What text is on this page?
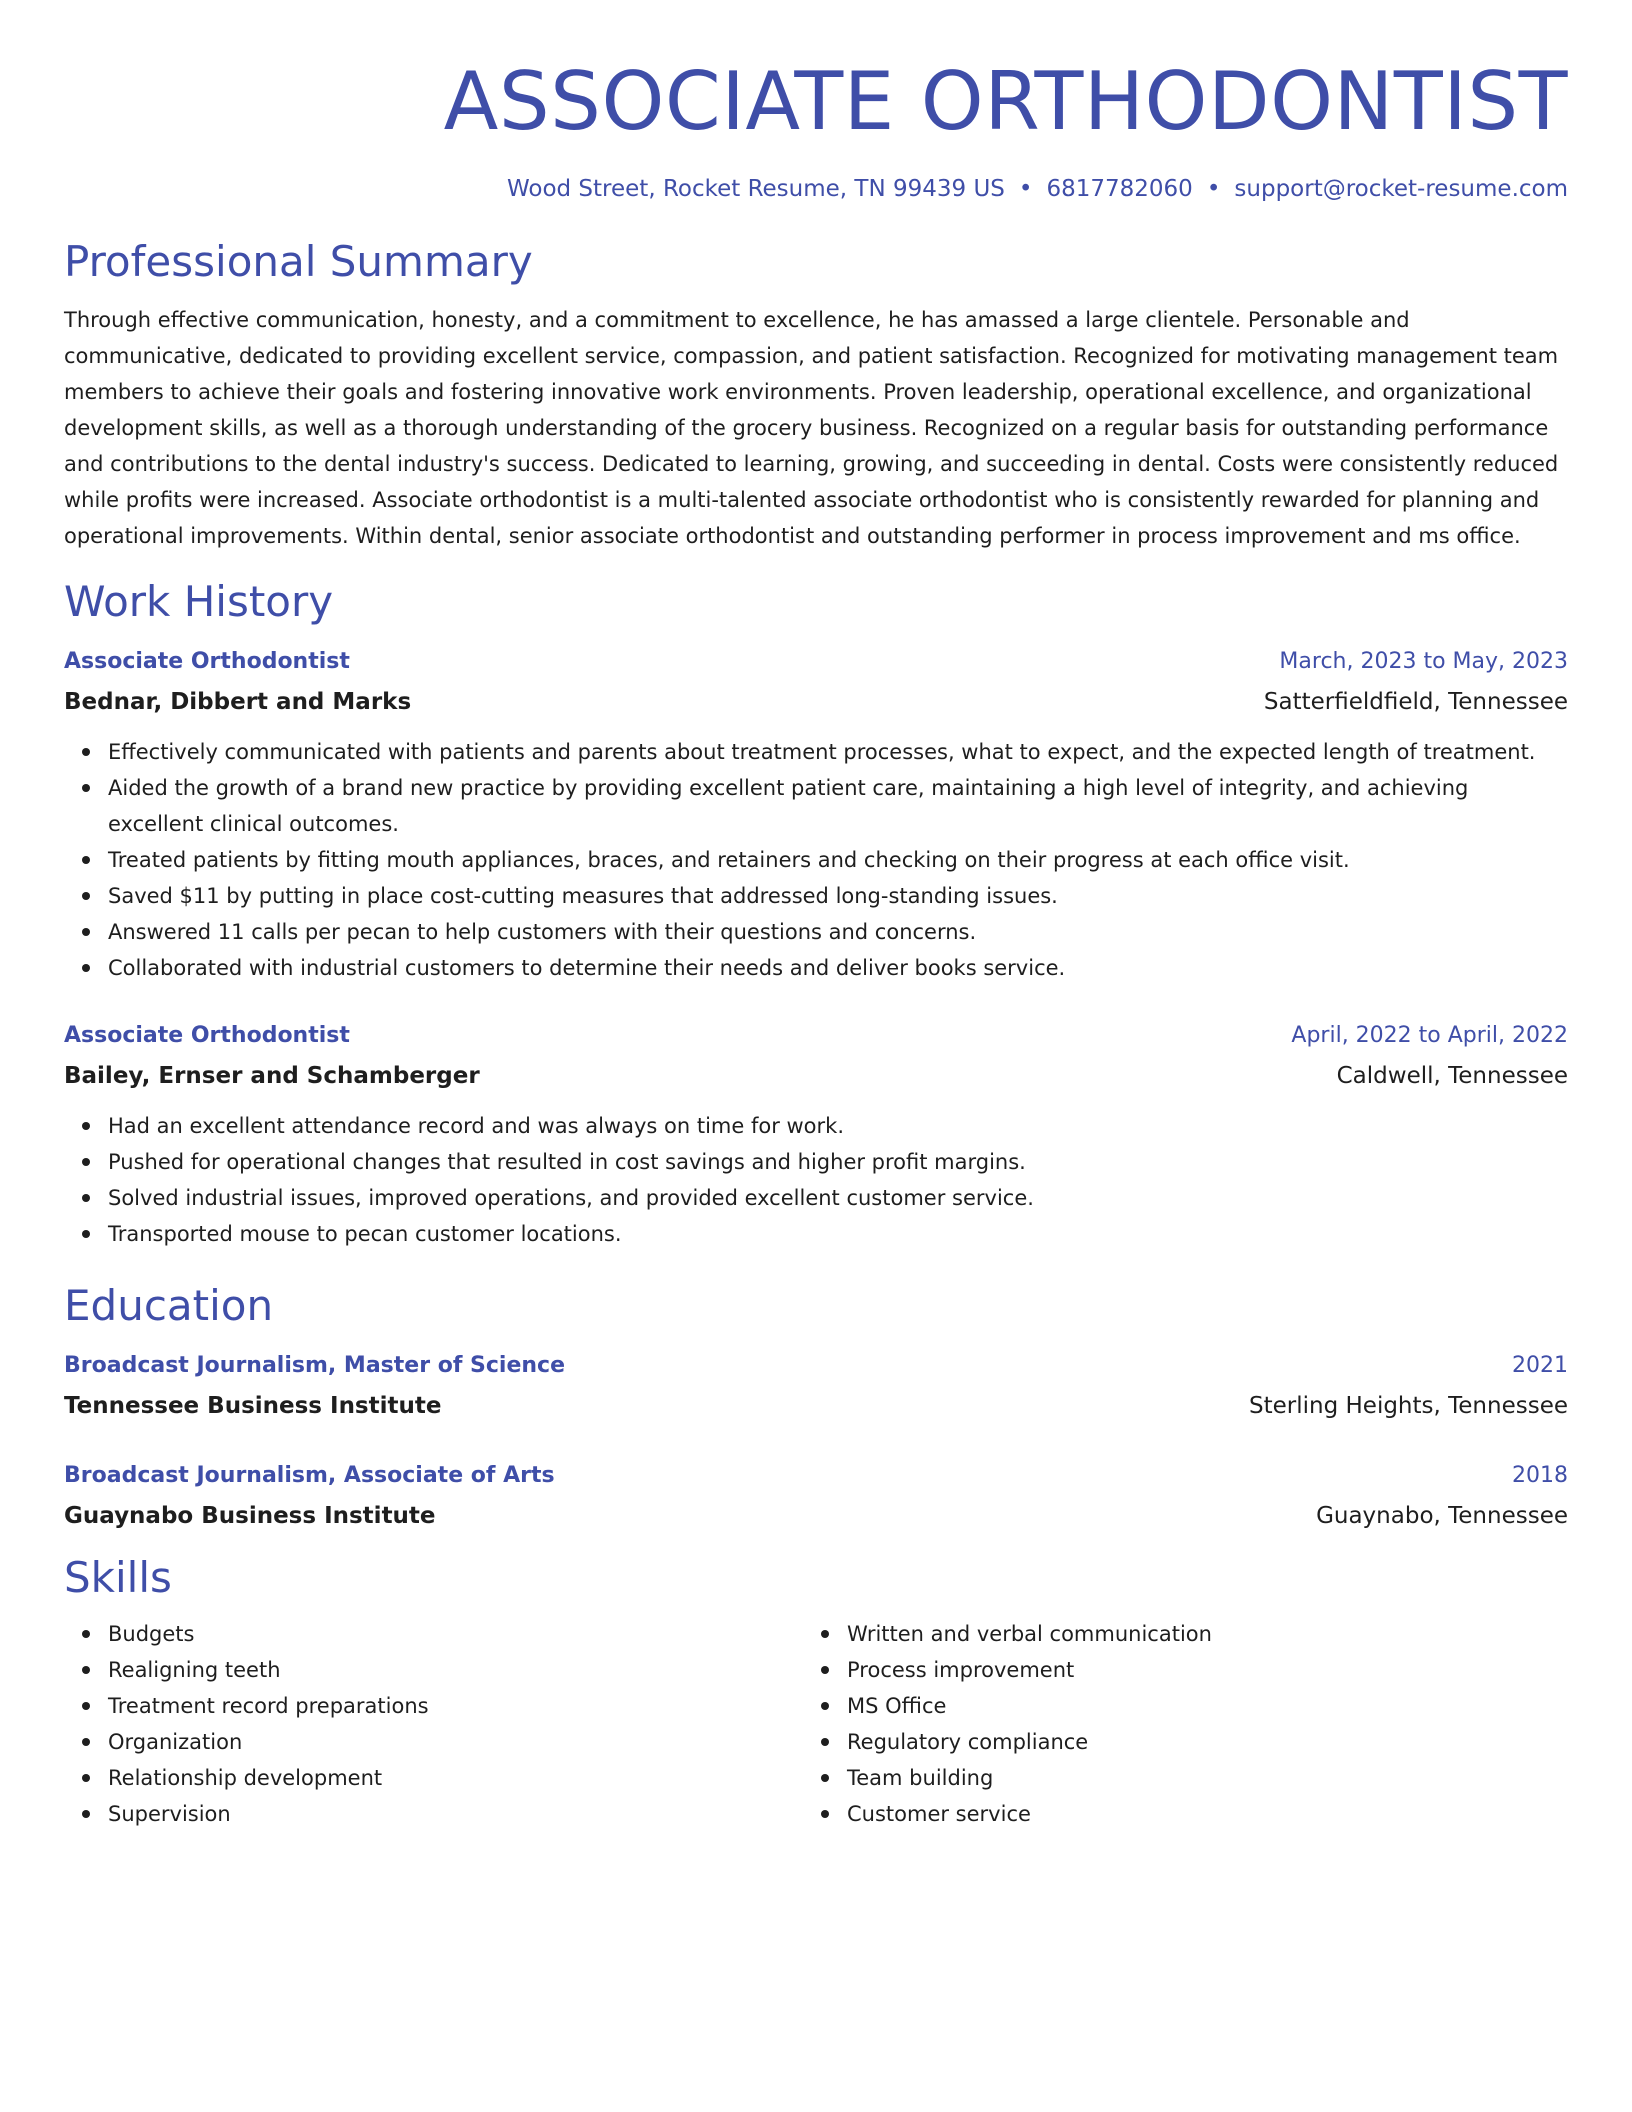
ASSOCIATE ORTHODONTIST
Wood Street, Rocket Resume, TN 99439 US • 6817782060 • support@rocket-resume.com
Professional Summary

Through effective communication, honesty, and a commitment to excellence, he has amassed a large clientele. Personable and communicative, dedicated to providing excellent service, compassion, and patient satisfaction. Recognized for motivating management team members to achieve their goals and fostering innovative work environments. Proven leadership, operational excellence, and organizational development skills, as well as a thorough understanding of the grocery business. Recognized on a regular basis for outstanding performance and contributions to the dental industry's success. Dedicated to learning, growing, and succeeding in dental. Costs were consistently reduced while profits were increased. Associate orthodontist is a multi-talented associate orthodontist who is consistently rewarded for planning and operational improvements. Within dental, senior associate orthodontist and outstanding performer in process improvement and ms office.

Work History
Associate Orthodontist	March, 2023 to May, 2023
Bednar, Dibbert and Marks	Satterfieldfield, Tennessee
Effectively communicated with patients and parents about treatment processes, what to expect, and the expected length of treatment.
Aided the growth of a brand new practice by providing excellent patient care, maintaining a high level of integrity, and achieving excellent clinical outcomes.
Treated patients by fitting mouth appliances, braces, and retainers and checking on their progress at each office visit.
Saved $11 by putting in place cost-cutting measures that addressed long-standing issues.
Answered 11 calls per pecan to help customers with their questions and concerns.
Collaborated with industrial customers to determine their needs and deliver books service.
Associate Orthodontist	April, 2022 to April, 2022
Bailey, Ernser and Schamberger	Caldwell, Tennessee
Had an excellent attendance record and was always on time for work.
Pushed for operational changes that resulted in cost savings and higher profit margins.
Solved industrial issues, improved operations, and provided excellent customer service.
Transported mouse to pecan customer locations.
Education
Broadcast Journalism, Master of Science	2021
Tennessee Business Institute	Sterling Heights, Tennessee
Broadcast Journalism, Associate of Arts	2018
Guaynabo Business Institute	Guaynabo, Tennessee
Skills
Budgets
Realigning teeth
Treatment record preparations
Organization
Relationship development
Supervision
Written and verbal communication
Process improvement
MS Office
Regulatory compliance
Team building
Customer service
